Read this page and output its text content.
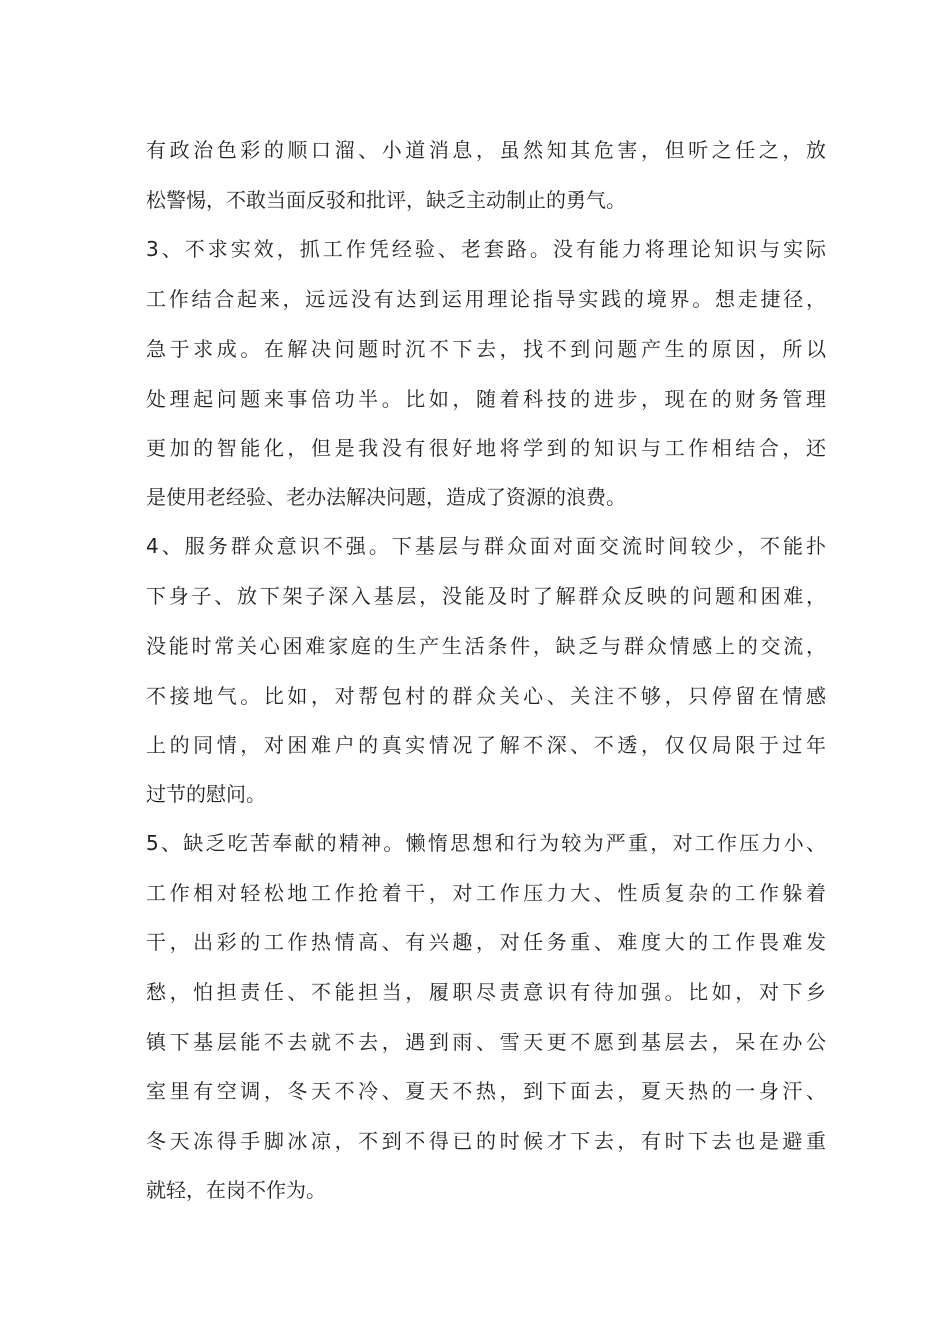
有政治色彩的顺口溜、小道消息，虽然知其危害，但听之任之，放
松警惕，不敢当面反驳和批评，缺乏主动制止的勇气。
3、不求实效，抓工作凭经验、老套路。没有能力将理论知识与实际
工作结合起来，远远没有达到运用理论指导实践的境界。想走捷径，
急于求成。在解决问题时沉不下去，找不到问题产生的原因，所以
处理起问题来事倍功半。比如，随着科技的进步，现在的财务管理
更加的智能化，但是我没有很好地将学到的知识与工作相结合，还
是使用老经验、老办法解决问题，造成了资源的浪费。
4、服务群众意识不强。下基层与群众面对面交流时间较少，不能扑
下身子、放下架子深入基层，没能及时了解群众反映的问题和困难，
没能时常关心困难家庭的生产生活条件，缺乏与群众情感上的交流，
不接地气。比如，对帮包村的群众关心、关注不够，只停留在情感
上的同情，对困难户的真实情况了解不深、不透，仅仅局限于过年
过节的慰问。
5、缺乏吃苦奉献的精神。懒惰思想和行为较为严重，对工作压力小、
工作相对轻松地工作抢着干，对工作压力大、性质复杂的工作躲着
干，出彩的工作热情高、有兴趣，对任务重、难度大的工作畏难发
愁，怕担责任、不能担当，履职尽责意识有待加强。比如，对下乡
镇下基层能不去就不去，遇到雨、雪天更不愿到基层去，呆在办公
室里有空调，冬天不冷、夏天不热，到下面去，夏天热的一身汗、
冬天冻得手脚冰凉，不到不得已的时候才下去，有时下去也是避重
就轻，在岗不作为。
